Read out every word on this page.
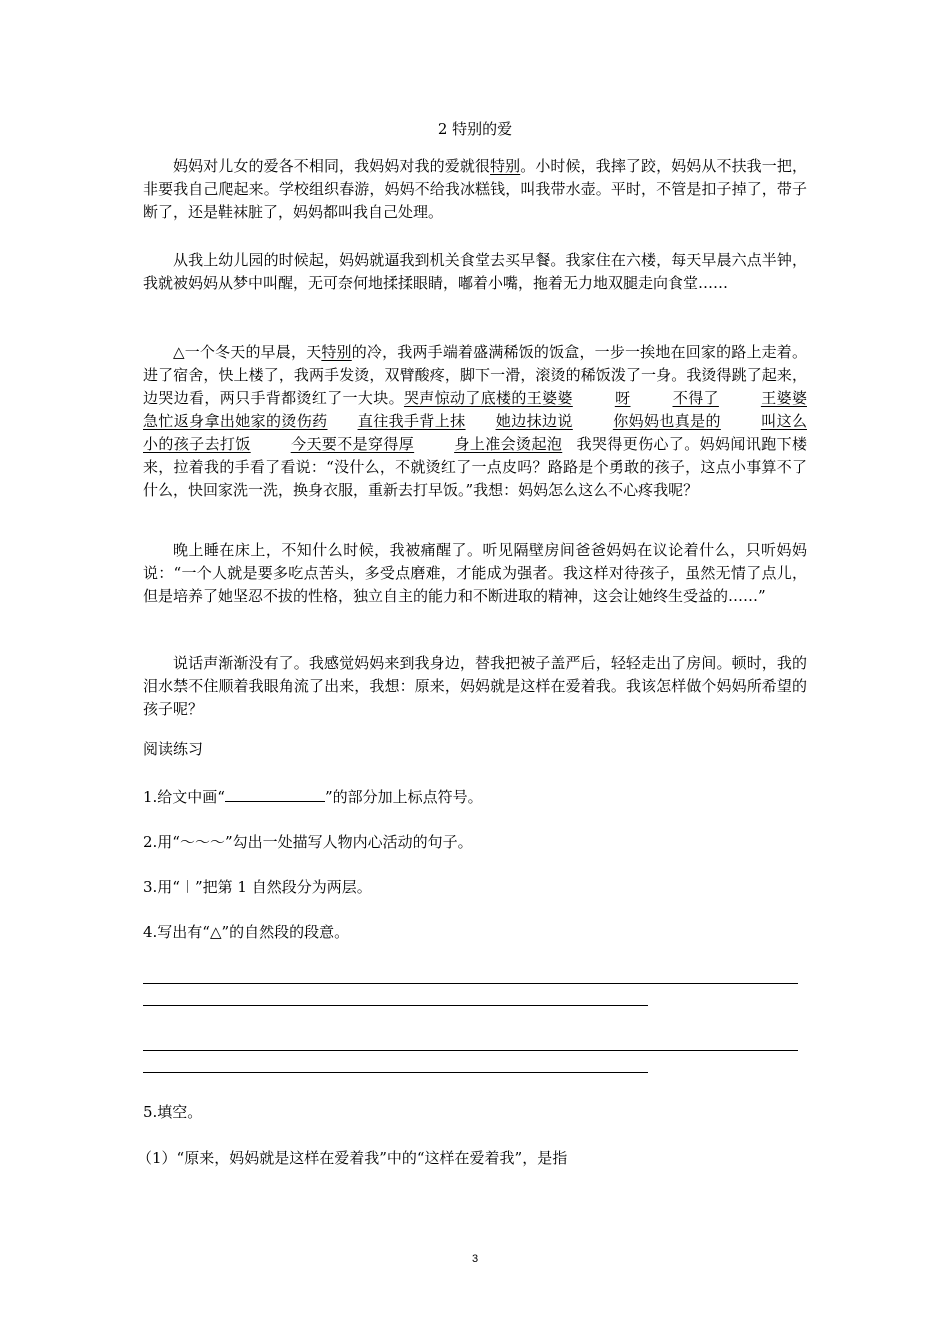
2 特别的爱

妈妈对儿女的爱各不相同，我妈妈对我的爱就很特别。小时候，我摔了跤，妈妈从不扶我一把，非要我自己爬起来。学校组织春游，妈妈不给我冰糕钱，叫我带水壶。平时，不管是扣子掉了，带子断了，还是鞋袜脏了，妈妈都叫我自己处理。

从我上幼儿园的时候起，妈妈就逼我到机关食堂去买早餐。我家住在六楼，每天早晨六点半钟，我就被妈妈从梦中叫醒，无可奈何地揉揉眼睛，嘟着小嘴，拖着无力地双腿走向食堂……

△一个冬天的早晨，天特别的冷，我两手端着盛满稀饭的饭盒，一步一挨地在回家的路上走着。进了宿舍，快上楼了，我两手发烫，双臂酸疼，脚下一滑，滚烫的稀饭泼了一身。我烫得跳了起来，边哭边看，两只手背都烫红了一大块。哭声惊动了底楼的王婆婆	呀	不得了	王婆婆急忙返身拿出她家的烫伤药 直往我手背上抹 她边抹边说	你妈妈也真是的	叫这么小的孩子去打饭	今天要不是穿得厚	身上准会烫起泡 我哭得更伤心了。妈妈闻讯跑下楼来，拉着我的手看了看说：“没什么，不就烫红了一点皮吗？路路是个勇敢的孩子，这点小事算不了什么，快回家洗一洗，换身衣服，重新去打早饭。”我想：妈妈怎么这么不心疼我呢？

晚上睡在床上，不知什么时候，我被痛醒了。听见隔壁房间爸爸妈妈在议论着什么，只听妈妈说：“一个人就是要多吃点苦头，多受点磨难，才能成为强者。我这样对待孩子，虽然无情了点儿，但是培养了她坚忍不拔的性格，独立自主的能力和不断进取的精神，这会让她终生受益的……”

说话声渐渐没有了。我感觉妈妈来到我身边，替我把被子盖严后，轻轻走出了房间。顿时，我的泪水禁不住顺着我眼角流了出来，我想：原来，妈妈就是这样在爱着我。我该怎样做个妈妈所希望的孩子呢？

阅读练习
1.给文中画“	”的部分加上标点符号。
2.用“～～～”勾出一处描写人物内心活动的句子。
3.用“︱”把第 1 自然段分为两层。
4.写出有“△”的自然段的段意。
5.填空。
（1）“原来，妈妈就是这样在爱着我”中的“这样在爱着我”，是指
3
